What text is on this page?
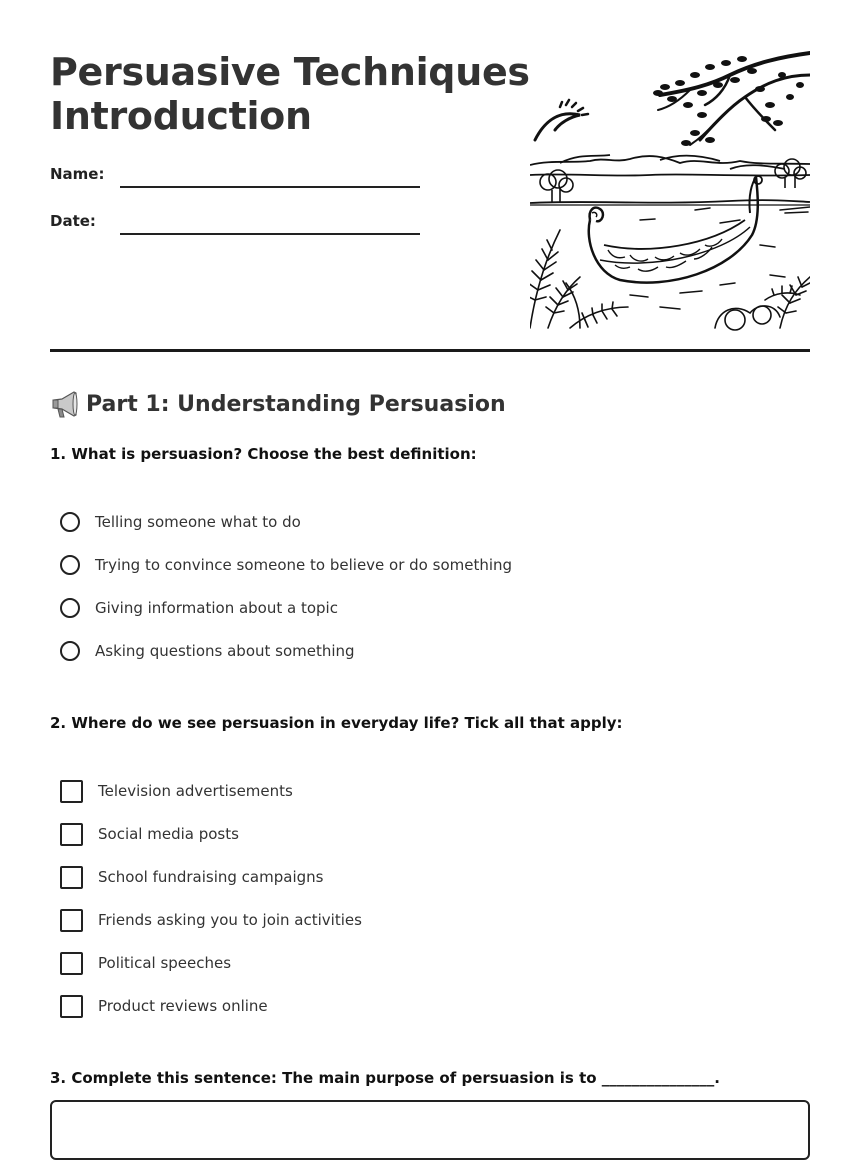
Persuasive Techniques
Introduction
Name:
Date:
Part 1: Understanding Persuasion
1. What is persuasion? Choose the best definition:
Telling someone what to do
Trying to convince someone to believe or do something
Giving information about a topic
Asking questions about something
2. Where do we see persuasion in everyday life? Tick all that apply:
Television advertisements
Social media posts
School fundraising campaigns
Friends asking you to join activities
Political speeches
Product reviews online
3. Complete this sentence: The main purpose of persuasion is to _______________.
